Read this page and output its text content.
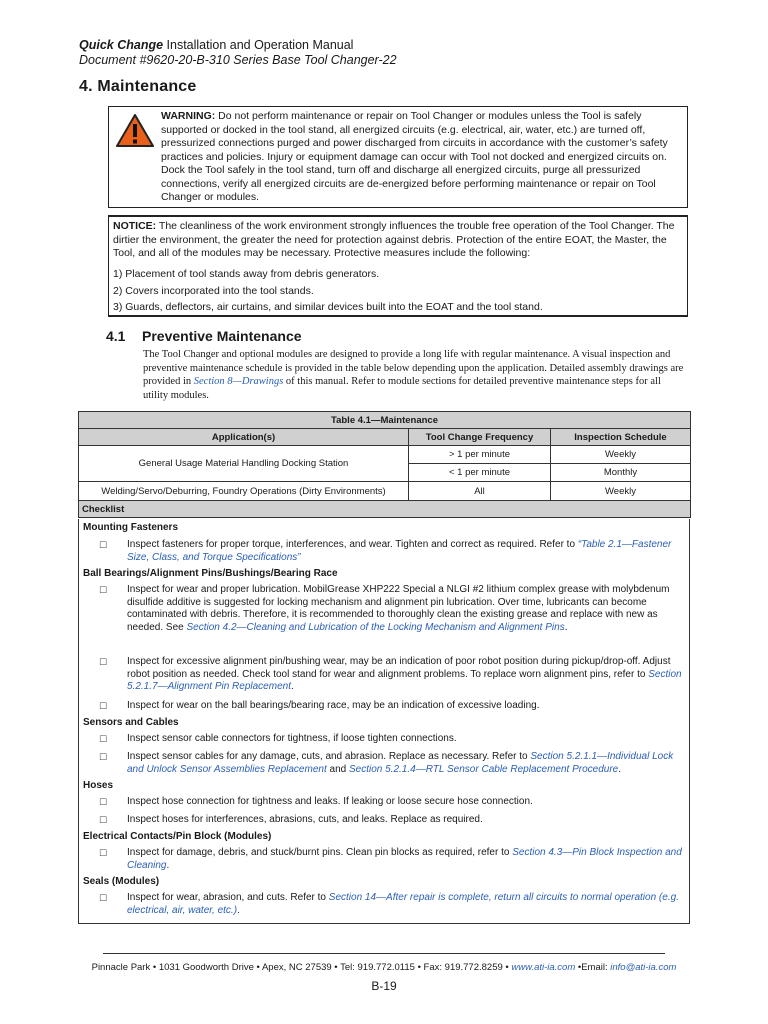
Quick Change Installation and Operation Manual
Document #9620-20-B-310 Series Base Tool Changer-22
4. Maintenance
WARNING: Do not perform maintenance or repair on Tool Changer or modules unless the Tool is safely supported or docked in the tool stand, all energized circuits (e.g. electrical, air, water, etc.) are turned off, pressurized connections purged and power discharged from circuits in accordance with the customer’s safety practices and policies. Injury or equipment damage can occur with Tool not docked and energized circuits on. Dock the Tool safely in the tool stand, turn off and discharge all energized circuits, purge all pressurized connections, verify all energized circuits are de-energized before performing maintenance or repair on Tool Changer or modules.
NOTICE: The cleanliness of the work environment strongly influences the trouble free operation of the Tool Changer. The dirtier the environment, the greater the need for protection against debris. Protection of the entire EOAT, the Master, the Tool, and all of the modules may be necessary. Protective measures include the following:
1) Placement of tool stands away from debris generators.
2) Covers incorporated into the tool stands.
3) Guards, deflectors, air curtains, and similar devices built into the EOAT and the tool stand.
4.1 Preventive Maintenance
The Tool Changer and optional modules are designed to provide a long life with regular maintenance. A visual inspection and preventive maintenance schedule is provided in the table below depending upon the application. Detailed assembly drawings are provided in Section 8—Drawings of this manual. Refer to module sections for detailed preventive maintenance steps for all utility modules.
Table 4.1—Maintenance		
Application(s)	Tool Change Frequency	Inspection Schedule
General Usage Material Handling Docking Station	> 1 per minute	Weekly
	< 1 per minute	Monthly
Welding/Servo/Deburring, Foundry Operations (Dirty Environments)	All	Weekly
Checklist		
Mounting Fasteners
☐ Inspect fasteners for proper torque, interferences, and wear. Tighten and correct as required. Refer to “Table 2.1—Fastener Size, Class, and Torque Specifications”
Ball Bearings/Alignment Pins/Bushings/Bearing Race
☐ Inspect for wear and proper lubrication. MobilGrease XHP222 Special a NLGI #2 lithium complex grease with molybdenum disulfide additive is suggested for locking mechanism and alignment pin lubrication. Over time, lubricants can become contaminated with debris. Therefore, it is recommended to thoroughly clean the existing grease and replace with new as needed. See Section 4.2—Cleaning and Lubrication of the Locking Mechanism and Alignment Pins.
☐ Inspect for excessive alignment pin/bushing wear, may be an indication of poor robot position during pickup/drop-off. Adjust robot position as needed. Check tool stand for wear and alignment problems. To replace worn alignment pins, refer to Section 5.2.1.7—Alignment Pin Replacement.
☐ Inspect for wear on the ball bearings/bearing race, may be an indication of excessive loading.
Sensors and Cables
☐ Inspect sensor cable connectors for tightness, if loose tighten connections.
☐ Inspect sensor cables for any damage, cuts, and abrasion. Replace as necessary. Refer to Section 5.2.1.1—Individual Lock and Unlock Sensor Assemblies Replacement and Section 5.2.1.4—RTL Sensor Cable Replacement Procedure.
Hoses
☐ Inspect hose connection for tightness and leaks. If leaking or loose secure hose connection.
☐ Inspect hoses for interferences, abrasions, cuts, and leaks. Replace as required.
Electrical Contacts/Pin Block (Modules)
☐ Inspect for damage, debris, and stuck/burnt pins. Clean pin blocks as required, refer to Section 4.3—Pin Block Inspection and Cleaning.
Seals (Modules)
☐ Inspect for wear, abrasion, and cuts. Refer to Section 14—After repair is complete, return all circuits to normal operation (e.g. electrical, air, water, etc.).
Pinnacle Park • 1031 Goodworth Drive • Apex, NC 27539 • Tel: 919.772.0115 • Fax: 919.772.8259 • www.ati-ia.com •Email: info@ati-ia.com
B-19
